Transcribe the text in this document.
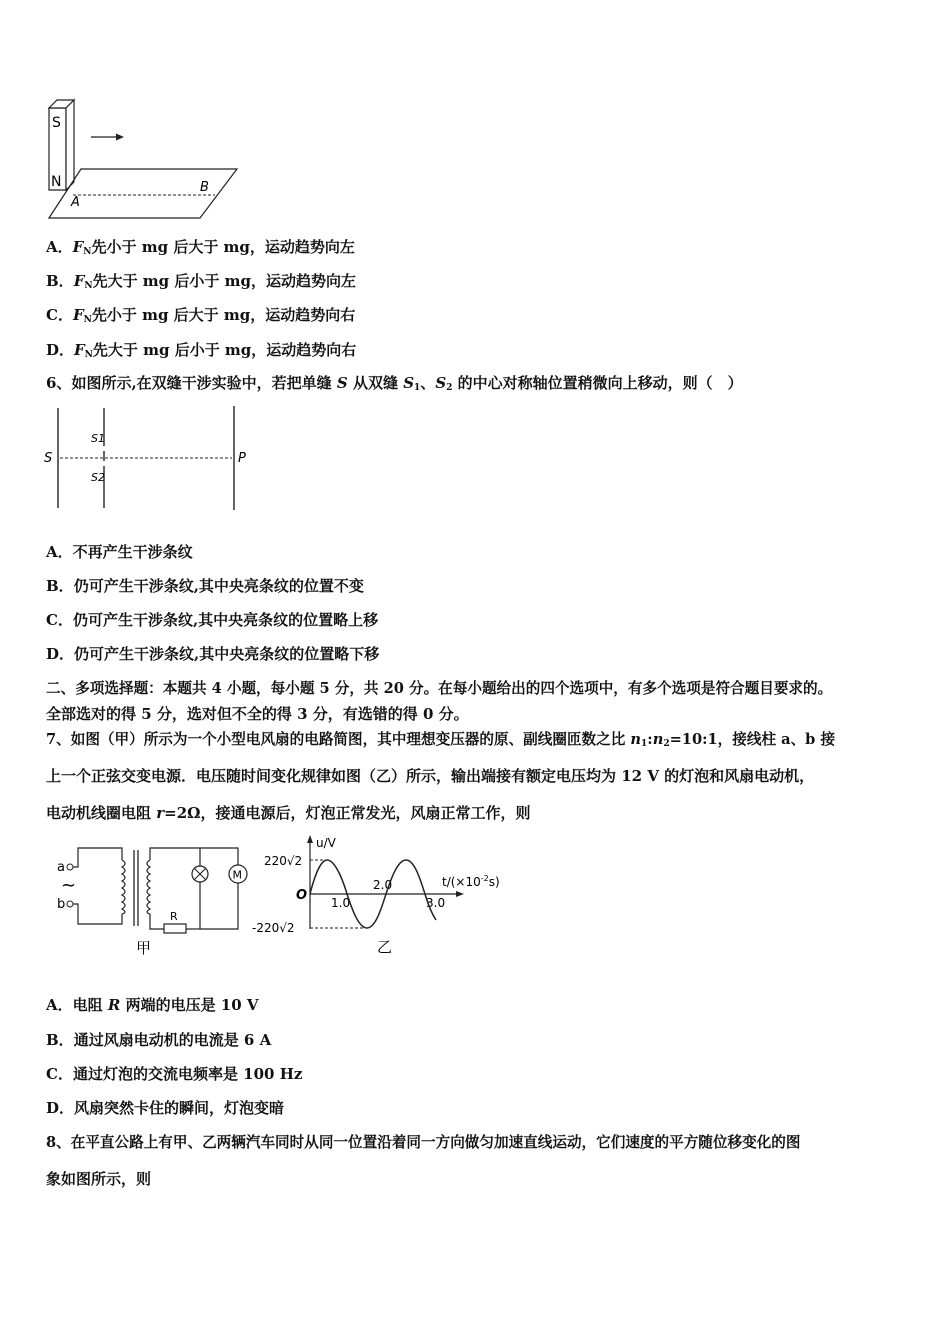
S
N
A
B
A．$F_N$先小于 mg 后大于 mg，运动趋势向左
B．$F_N$先大于 mg 后小于 mg，运动趋势向左
C．$F_N$先小于 mg 后大于 mg，运动趋势向右
D．$F_N$先大于 mg 后小于 mg，运动趋势向右
6、如图所示,在双缝干涉实验中，若把单缝 S 从双缝 $S_1$、$S_2$ 的中心对称轴位置稍微向上移动，则（　）
S
S1
S2
P
A．不再产生干涉条纹
B．仍可产生干涉条纹,其中央亮条纹的位置不变
C．仍可产生干涉条纹,其中央亮条纹的位置略上移
D．仍可产生干涉条纹,其中央亮条纹的位置略下移
二、多项选择题：本题共 4 小题，每小题 5 分，共 20 分。在每小题给出的四个选项中，有多个选项是符合题目要求的。
全部选对的得 5 分，选对但不全的得 3 分，有选错的得 0 分。
7、如图（甲）所示为一个小型电风扇的电路简图，其中理想变压器的原、副线圈匝数之比 $n_1:n_2=10:1$，接线柱 a、b 接
上一个正弦交变电源．电压随时间变化规律如图（乙）所示，输出端接有额定电压均为 12 V 的灯泡和风扇电动机，
电动机线圈电阻 r=2Ω，接通电源后，灯泡正常发光，风扇正常工作，则
a
b
~
R
M
甲
u/V
$t/(\times 10^{-2}s)$
O
220√2
-220√2
1.0
2.0
3.0
乙
A．电阻 R 两端的电压是 10 V
B．通过风扇电动机的电流是 6 A
C．通过灯泡的交流电频率是 100 Hz
D．风扇突然卡住的瞬间，灯泡变暗
8、在平直公路上有甲、乙两辆汽车同时从同一位置沿着同一方向做匀加速直线运动，它们速度的平方随位移变化的图
象如图所示，则
